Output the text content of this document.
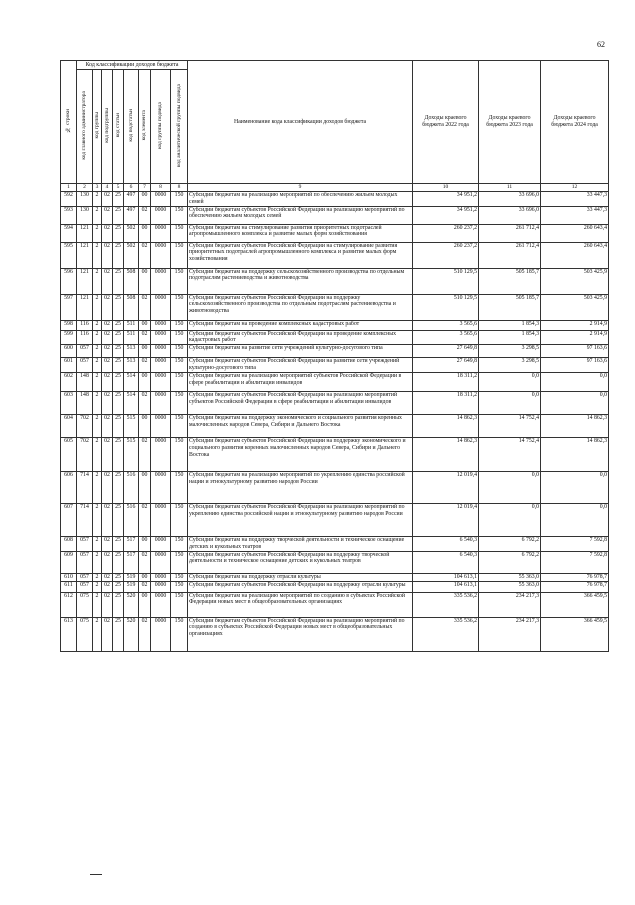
62
№ строки	Код классификации доходов бюджета								Наименование кода классификации доходов бюджета	Доходы краевого бюджета 2022 года	Доходы краевого бюджета 2023 года	Доходы краевого бюджета 2024 года
	код главного администратора	код группы	код подгруппы	код статьи	код подстатьи	код элемента	код группы подвида	код аналитической группы подвида				
1	2	3	4	5	6	7	8	8	9	10	11	12
592	130	2	02	25	497	00	0000	150	Субсидии бюджетам на реализацию мероприятий по обеспечению жильем молодых семей	34 951,2	33 696,0	33 447,3
593	130	2	02	25	497	02	0000	150	Субсидии бюджетам субъектов Российской Федерации на реализацию мероприятий по обеспечению жильем молодых семей	34 951,2	33 696,0	33 447,3
594	121	2	02	25	502	00	0000	150	Субсидии бюджетам на стимулирование развития приоритетных подотраслей агропромышленного комплекса и развитие малых форм хозяйствования	260 237,2	261 712,4	260 643,4
595	121	2	02	25	502	02	0000	150	Субсидии бюджетам субъектов Российской Федерации на стимулирование развития приоритетных подотраслей агропромышленного комплекса и развитие малых форм хозяйствования	260 237,2	261 712,4	260 643,4
596	121	2	02	25	508	00	0000	150	Субсидии бюджетам на поддержку сельскохозяйственного производства по отдельным подотраслям растениеводства и животноводства	510 129,5	505 185,7	503 425,9
597	121	2	02	25	508	02	0000	150	Субсидии бюджетам субъектов Российской Федерации на поддержку сельскохозяйственного производства по отдельным подотраслям растениеводства и животноводства	510 129,5	505 185,7	503 425,9
598	116	2	02	25	511	00	0000	150	Субсидии бюджетам на проведение комплексных кадастровых работ	3 565,6	1 854,3	2 914,9
599	116	2	02	25	511	02	0000	150	Субсидии бюджетам субъектов Российской Федерации на проведение комплексных кадастровых работ	3 565,6	1 854,3	2 914,9
600	057	2	02	25	513	00	0000	150	Субсидии бюджетам на развитие сети учреждений культурно-досугового типа	27 649,8	3 298,5	97 163,6
601	057	2	02	25	513	02	0000	150	Субсидии бюджетам субъектов Российской Федерации на развитие сети учреждений культурно-досугового типа	27 649,8	3 298,5	97 163,6
602	148	2	02	25	514	00	0000	150	Субсидии бюджетам на реализацию мероприятий субъектов Российской Федерации в сфере реабилитации и абилитации инвалидов	18 311,2	0,0	0,0
603	148	2	02	25	514	02	0000	150	Субсидии бюджетам субъектов Российской Федерации на реализацию мероприятий субъектов Российской Федерации в сфере реабилитации и абилитации инвалидов	18 311,2	0,0	0,0
604	702	2	02	25	515	00	0000	150	Субсидии бюджетам на поддержку экономического и социального развития коренных малочисленных народов Севера, Сибири и Дальнего Востока	14 862,3	14 752,4	14 862,3
605	702	2	02	25	515	02	0000	150	Субсидии бюджетам субъектов Российской Федерации на поддержку экономического и социального развития коренных малочисленных народов Севера, Сибири и Дальнего Востока	14 862,3	14 752,4	14 862,3
606	714	2	02	25	516	00	0000	150	Субсидии бюджетам на реализацию мероприятий по укреплению единства российской нации и этнокультурному развитию народов России	12 019,4	0,0	0,0
607	714	2	02	25	516	02	0000	150	Субсидии бюджетам субъектов Российской Федерации на реализацию мероприятий по укреплению единства российской нации и этнокультурному развитию народов России	12 019,4	0,0	0,0
608	057	2	02	25	517	00	0000	150	Субсидии бюджетам на поддержку творческой деятельности и техническое оснащение детских и кукольных театров	6 540,3	6 792,2	7 592,8
609	057	2	02	25	517	02	0000	150	Субсидии бюджетам субъектов Российской Федерации на поддержку творческой деятельности и техническое оснащение детских и кукольных театров	6 540,3	6 792,2	7 592,8
610	057	2	02	25	519	00	0000	150	Субсидии бюджетам на поддержку отрасли культуры	104 613,1	55 363,0	76 978,7
611	057	2	02	25	519	02	0000	150	Субсидии бюджетам субъектов Российской Федерации на поддержку отрасли культуры	104 613,1	55 363,0	76 978,7
612	075	2	02	25	520	00	0000	150	Субсидии бюджетам на реализацию мероприятий по созданию в субъектах Российской Федерации новых мест в общеобразовательных организациях	335 536,2	234 217,3	366 459,5
613	075	2	02	25	520	02	0000	150	Субсидии бюджетам субъектов Российской Федерации на реализацию мероприятий по созданию в субъектах Российской Федерации новых мест в общеобразовательных организациях	335 536,2	234 217,3	366 459,5
